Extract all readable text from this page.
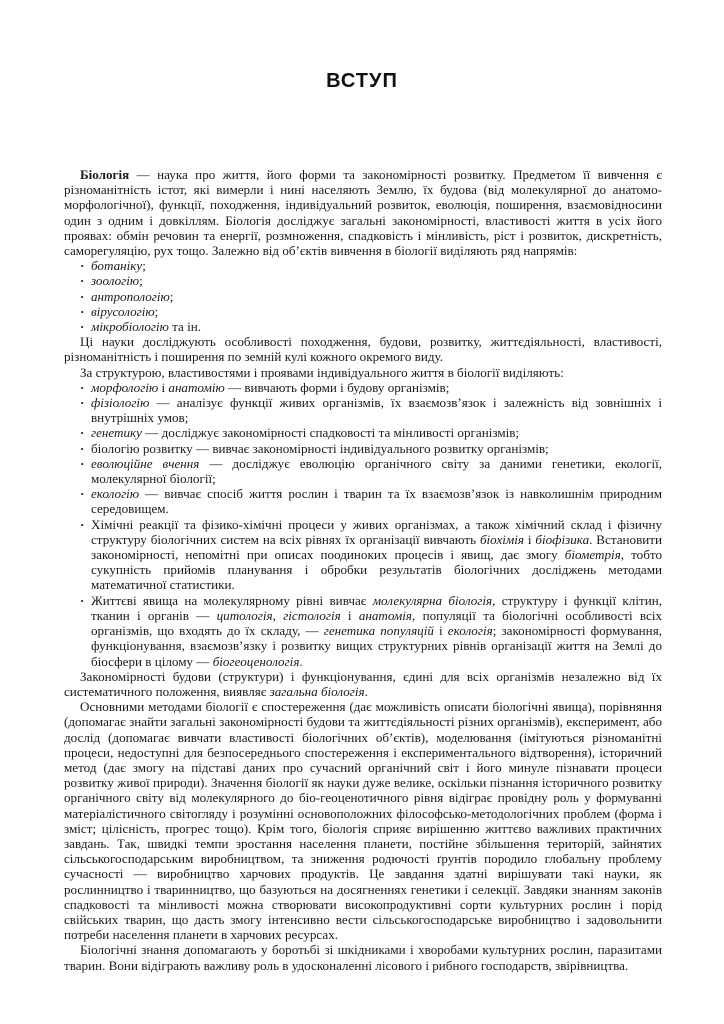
ВСТУП

Біологія — наука про життя, його форми та закономірності розвитку. Предметом її вивчення є різноманітність істот, які вимерли і нині населяють Землю, їх будова (від молекулярної до анатомо-морфологічної), функції, походження, індивідуальний розвиток, еволюція, поширення, взаємовідносини один з одним і довкіллям. Біологія досліджує загальні закономірності, властивості життя в усіх його проявах: обмін речовин та енергії, розмноження, спадковість і мінливість, ріст і розвиток, дискретність, саморегуляцію, рух тощо. Залежно від об’єктів вивчення в біології виділяють ряд напрямів:

· ботаніку;
· зоологію;
· антропологію;
· вірусологію;
· мікробіологію та ін.

Ці науки досліджують особливості походження, будови, розвитку, життєдіяльності, властивості, різноманітність і поширення по земній кулі кожного окремого виду.

За структурою, властивостями і проявами індивідуального життя в біології виділяють:

· морфологію і анатомію — вивчають форми і будову організмів;
· фізіологію — аналізує функції живих організмів, їх взаємозв’язок і залежність від зовнішніх і внутрішніх умов;
· генетику — досліджує закономірності спадковості та мінливості організмів;
· біологію розвитку — вивчає закономірності індивідуального розвитку організмів;
· еволюційне вчення — досліджує еволюцію органічного світу за даними генетики, екології, молекулярної біології;
· екологію — вивчає спосіб життя рослин і тварин та їх взаємозв’язок із навколишнім природним середовищем.
· Хімічні реакції та фізико-хімічні процеси у живих організмах, а також хімічний склад і фізичну структуру біологічних систем на всіх рівнях їх організації вивчають біохімія і біофізика. Встановити закономірності, непомітні при описах поодиноких процесів і явищ, дає змогу біометрія, тобто сукупність прийомів планування і обробки результатів біологічних досліджень методами математичної статистики.
· Життєві явища на молекулярному рівні вивчає молекулярна біологія, структуру і функції клітин, тканин і органів — цитологія, гістологія і анатомія, популяції та біологічні особливості всіх організмів, що входять до їх складу, — генетика популяцій і екологія; закономірності формування, функціонування, взаємозв’язку і розвитку вищих структурних рівнів організації життя на Землі до біосфери в цілому — біогеоценологія.

Закономірності будови (структури) і функціонування, єдині для всіх організмів незалежно від їх систематичного положення, виявляє загальна біологія.

Основними методами біології є спостереження (дає можливість описати біологічні явища), порівняння (допомагає знайти загальні закономірності будови та життєдіяльності різних організмів), експеримент, або дослід (допомагає вивчати властивості біологічних об’єктів), моделювання (імітуються різноманітні процеси, недоступні для безпосереднього спостереження і експериментального відтворення), історичний метод (дає змогу на підставі даних про сучасний органічний світ і його минуле пізнавати процеси розвитку живої природи). Значення біології як науки дуже велике, оскільки пізнання історичного розвитку органічного світу від молекулярного до біо-геоценотичного рівня відіграє провідну роль у формуванні матеріалістичного світогляду і розумінні основоположних філософсько-методологічних проблем (форма і зміст; цілісність, прогрес тощо). Крім того, біологія сприяє вирішенню життєво важливих практичних завдань. Так, швидкі темпи зростання населення планети, постійне збільшення територій, зайнятих сільськогосподарським виробництвом, та зниження родючості ґрунтів породило глобальну проблему сучасності — виробництво харчових продуктів. Це завдання здатні вирішувати такі науки, як рослинництво і тваринництво, що базуються на досягненнях генетики і селекції. Завдяки знанням законів спадковості та мінливості можна створювати високопродуктивні сорти культурних рослин і порід свійських тварин, що дасть змогу інтенсивно вести сільськогосподарське виробництво і задовольнити потреби населення планети в харчових ресурсах.

Біологічні знання допомагають у боротьбі зі шкідниками і хворобами культурних рослин, паразитами тварин. Вони відіграють важливу роль в удосконаленні лісового і рибного господарств, звірівництва.
